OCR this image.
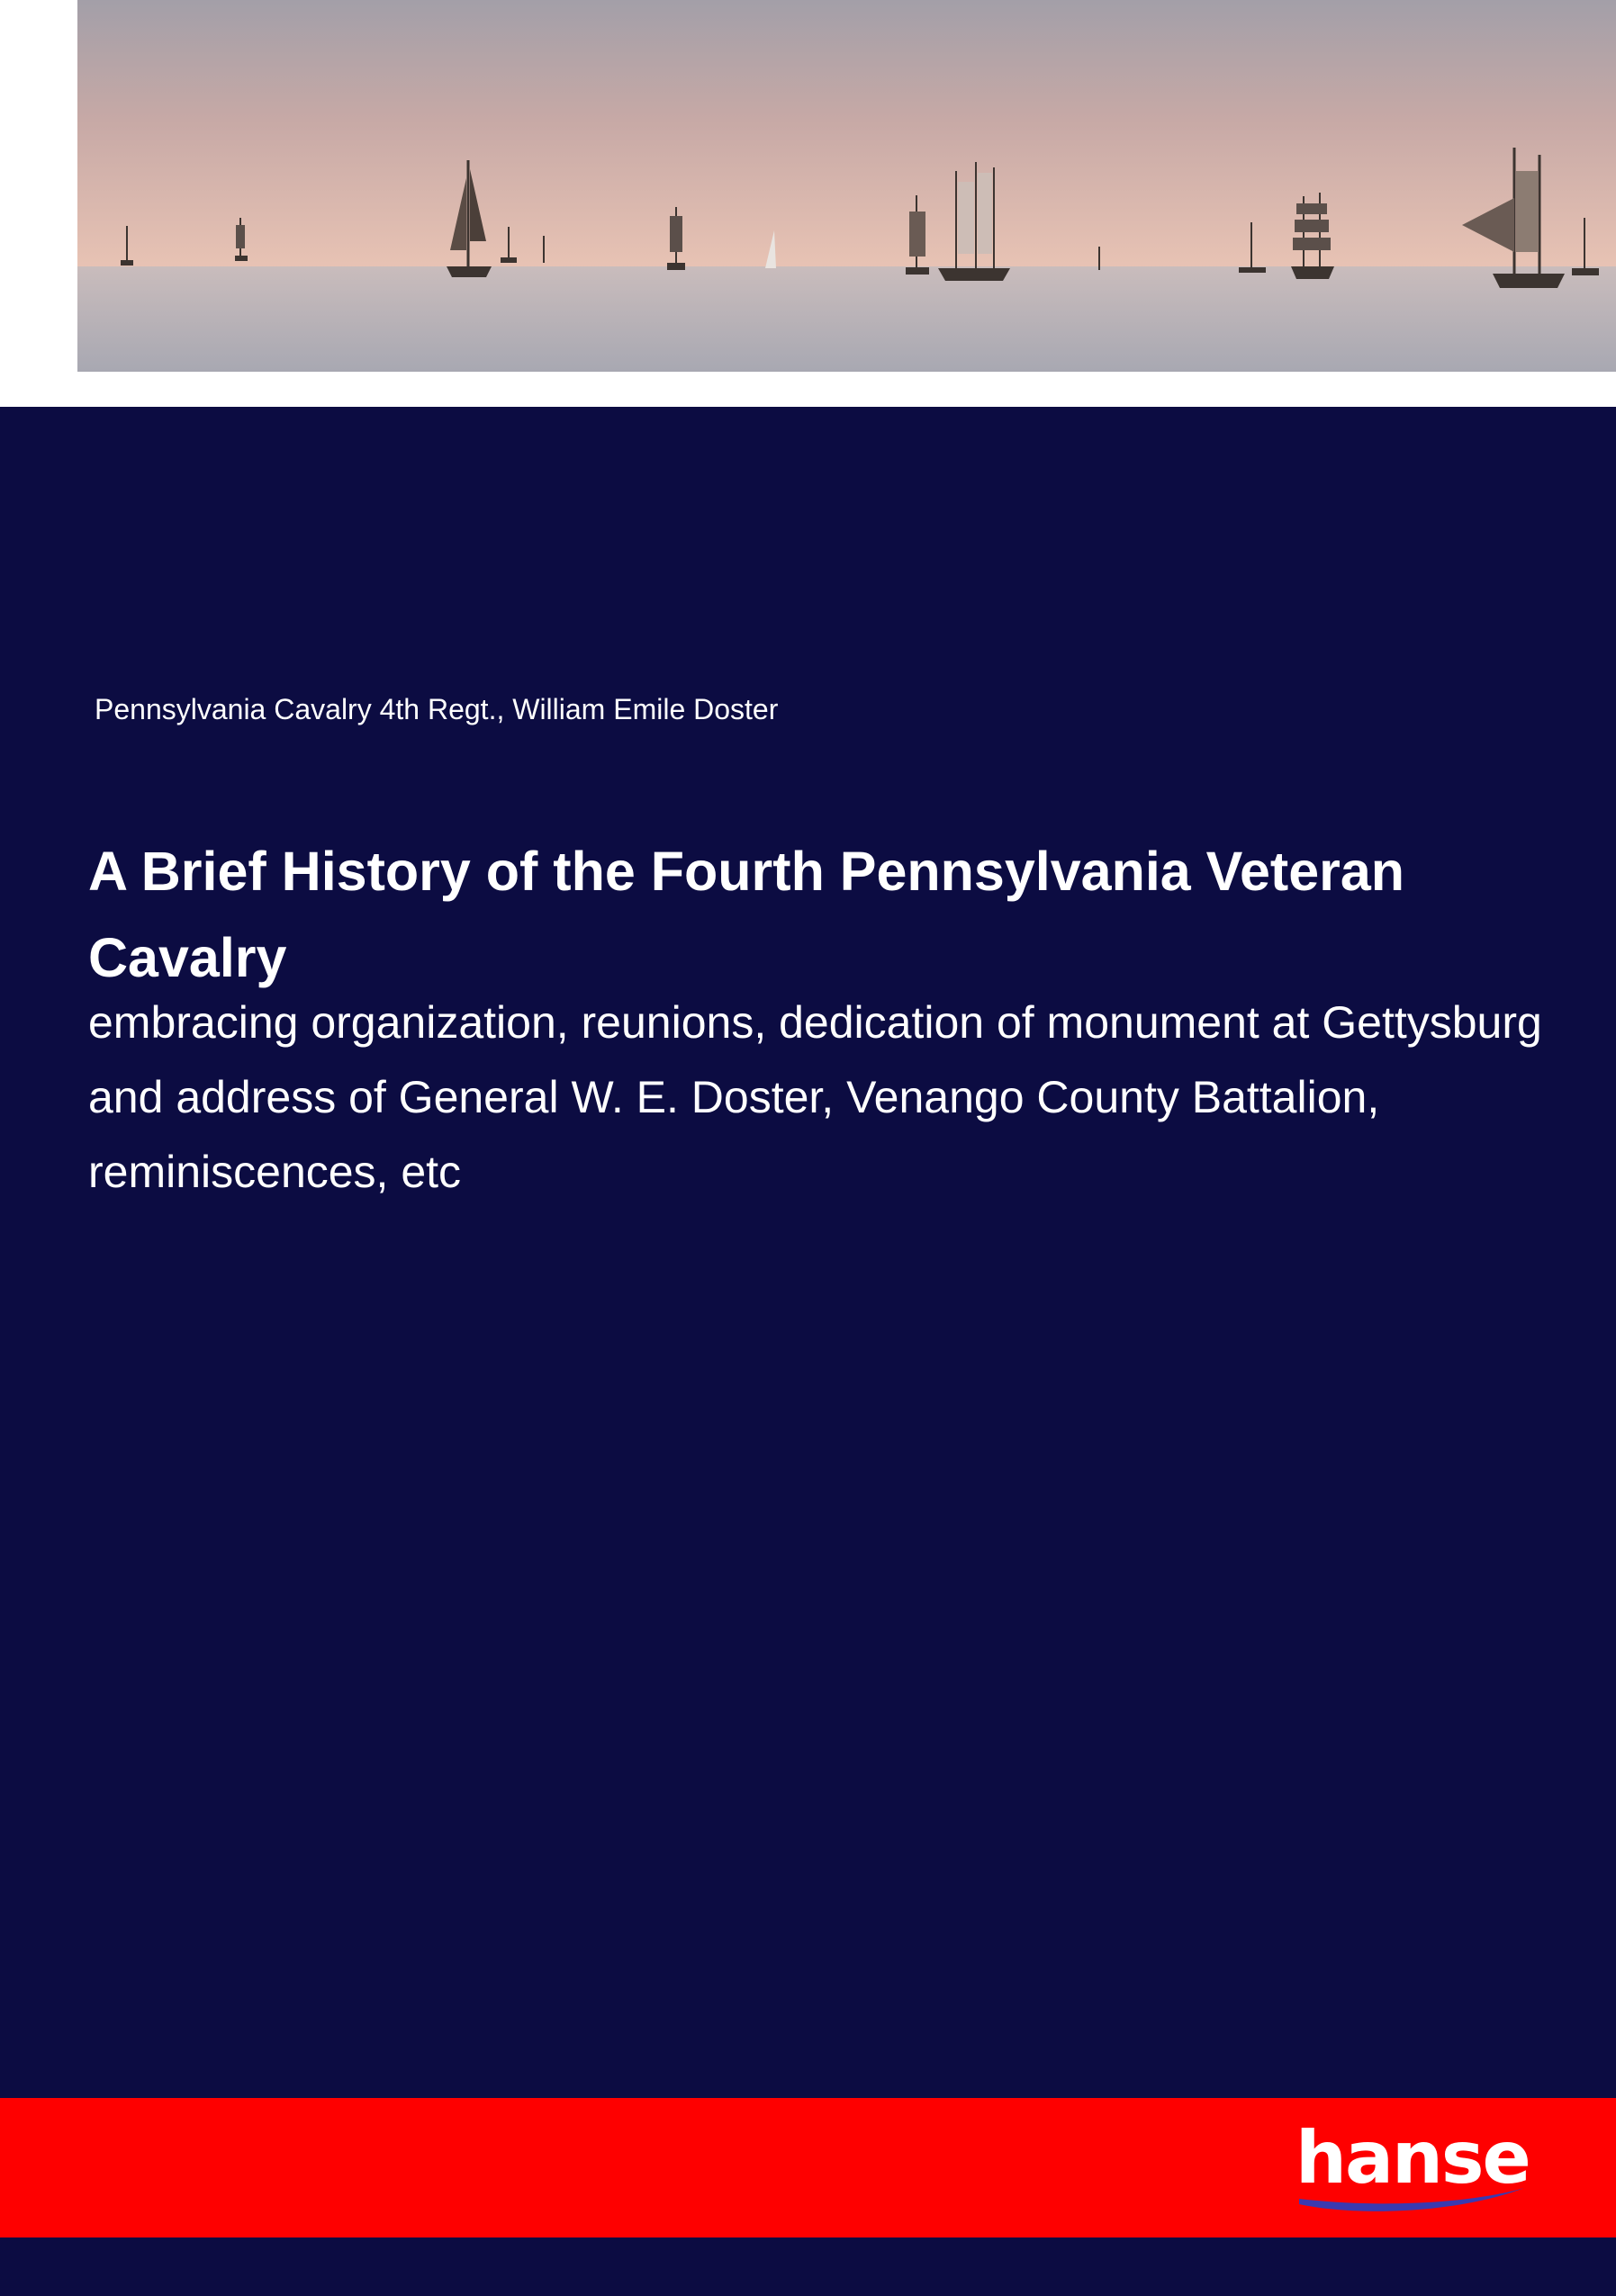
Pennsylvania Cavalry 4th Regt., William Emile Doster
A Brief History of the Fourth Pennsylvania Veteran Cavalry

embracing organization, reunions, dedication of monument at Gettysburg and address of General W. E. Doster, Venango County Battalion, reminiscences, etc

hanse
